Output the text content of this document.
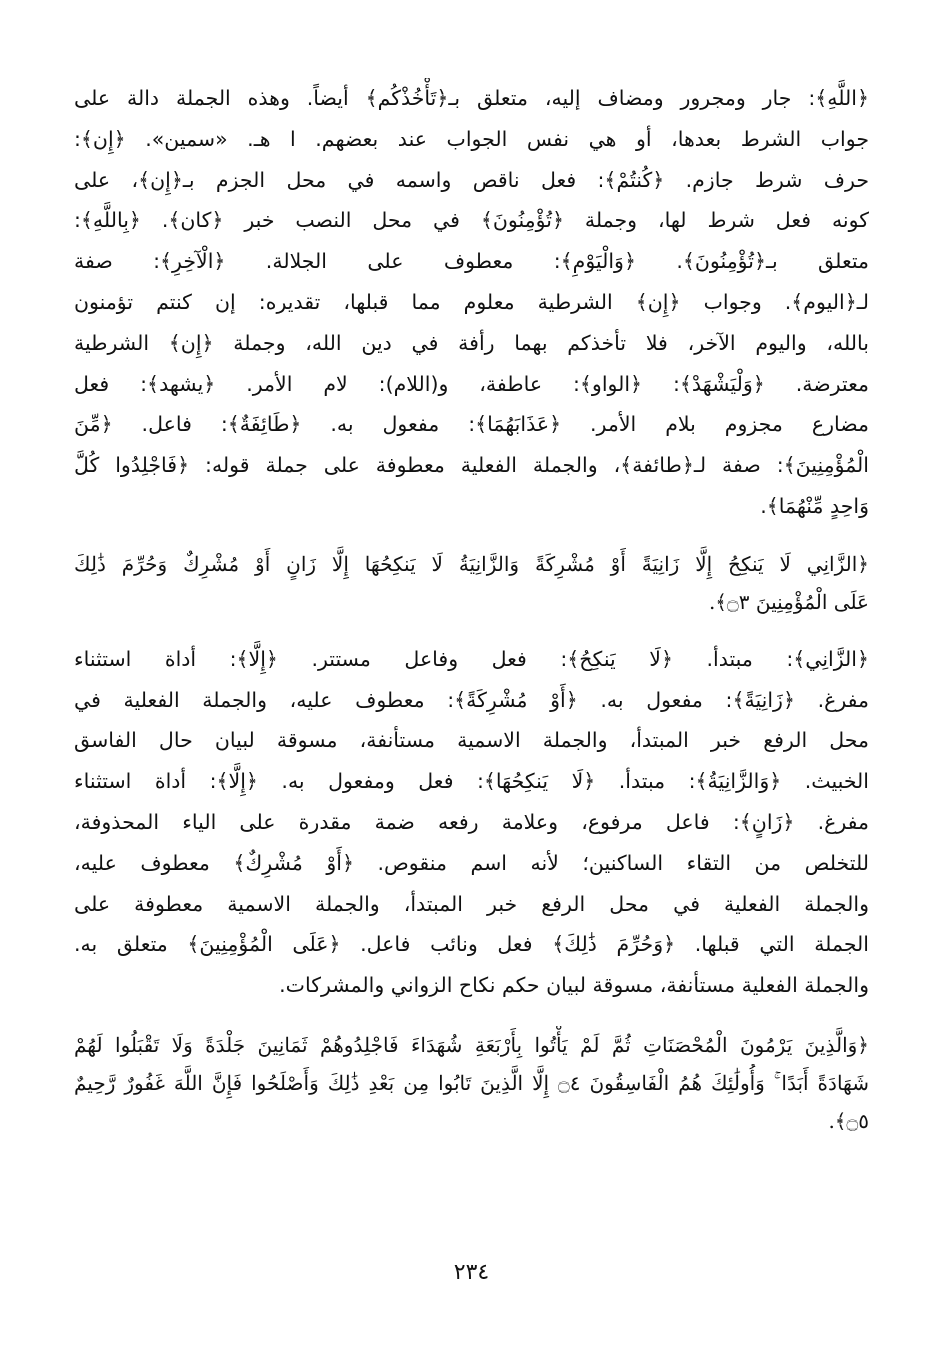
﴿اللَّهِ﴾: جار ومجرور ومضاف إليه، متعلق بـ﴿تَأْخُذْكُم﴾ أيضاً. وهذه الجملة دالة على
جواب الشرط بعدها، أو هي نفس الجواب عند بعضهم. ا هـ. «سمين». ﴿إِن﴾:
حرف شرط جازم. ﴿كُنتُمْ﴾: فعل ناقص واسمه في محل الجزم بـ﴿إِن﴾، على
كونه فعل شرط لها، وجملة ﴿تُؤْمِنُونَ﴾ في محل النصب خبر ﴿كان﴾. ﴿بِاللَّهِ﴾:
متعلق بـ﴿تُؤْمِنُونَ﴾. ﴿وَالْيَوْمِ﴾: معطوف على الجلالة. ﴿الْآخِرِ﴾: صفة
لـ﴿اليوم﴾. وجواب ﴿إِن﴾ الشرطية معلوم مما قبلها، تقديره: إن كنتم تؤمنون
بالله، واليوم الآخر، فلا تأخذكم بهما رأفة في دين الله، وجملة ﴿إِن﴾ الشرطية
معترضة. ﴿وَلْيَشْهَدْ﴾: ﴿الواو﴾: عاطفة، و(اللام): لام الأمر. ﴿يشهد﴾: فعل
مضارع مجزوم بلام الأمر. ﴿عَذَابَهُمَا﴾: مفعول به. ﴿طَائِفَةٌ﴾: فاعل. ﴿مِّنَ
الْمُؤْمِنِينَ﴾: صفة لـ﴿طائفة﴾، والجملة الفعلية معطوفة على جملة قوله: ﴿فَاجْلِدُوا كُلَّ
وَاحِدٍ مِّنْهُمَا﴾.
﴿الزَّانِي لَا يَنكِحُ إِلَّا زَانِيَةً أَوْ مُشْرِكَةً وَالزَّانِيَةُ لَا يَنكِحُهَا إِلَّا زَانٍ أَوْ مُشْرِكٌ وَحُرِّمَ ذَٰلِكَ
عَلَى الْمُؤْمِنِينَ ۝٣﴾.
﴿الزَّانِي﴾: مبتدأ. ﴿لَا يَنكِحُ﴾: فعل وفاعل مستتر. ﴿إِلَّا﴾: أداة استثناء
مفرغ. ﴿زَانِيَةً﴾: مفعول به. ﴿أَوْ مُشْرِكَةً﴾: معطوف عليه، والجملة الفعلية في
محل الرفع خبر المبتدأ، والجملة الاسمية مستأنفة، مسوقة لبيان حال الفاسق
الخبيث. ﴿وَالزَّانِيَةُ﴾: مبتدأ. ﴿لَا يَنكِحُهَا﴾: فعل ومفعول به. ﴿إِلَّا﴾: أداة استثناء
مفرغ. ﴿زَانٍ﴾: فاعل مرفوع، وعلامة رفعه ضمة مقدرة على الياء المحذوفة،
للتخلص من التقاء الساكنين؛ لأنه اسم منقوص. ﴿أَوْ مُشْرِكٌ﴾ معطوف عليه،
والجملة الفعلية في محل الرفع خبر المبتدأ، والجملة الاسمية معطوفة على
الجملة التي قبلها. ﴿وَحُرِّمَ ذَٰلِكَ﴾ فعل ونائب فاعل. ﴿عَلَى الْمُؤْمِنِينَ﴾ متعلق به.
والجملة الفعلية مستأنفة، مسوقة لبيان حكم نكاح الزواني والمشركات.
﴿وَالَّذِينَ يَرْمُونَ الْمُحْصَنَاتِ ثُمَّ لَمْ يَأْتُوا بِأَرْبَعَةِ شُهَدَاءَ فَاجْلِدُوهُمْ ثَمَانِينَ جَلْدَةً وَلَا تَقْبَلُوا لَهُمْ
شَهَادَةً أَبَدًا ۚ وَأُولَٰئِكَ هُمُ الْفَاسِقُونَ ۝٤ إِلَّا الَّذِينَ تَابُوا مِن بَعْدِ ذَٰلِكَ وَأَصْلَحُوا فَإِنَّ اللَّهَ غَفُورٌ رَّحِيمٌ
۝٥﴾.
٢٣٤
